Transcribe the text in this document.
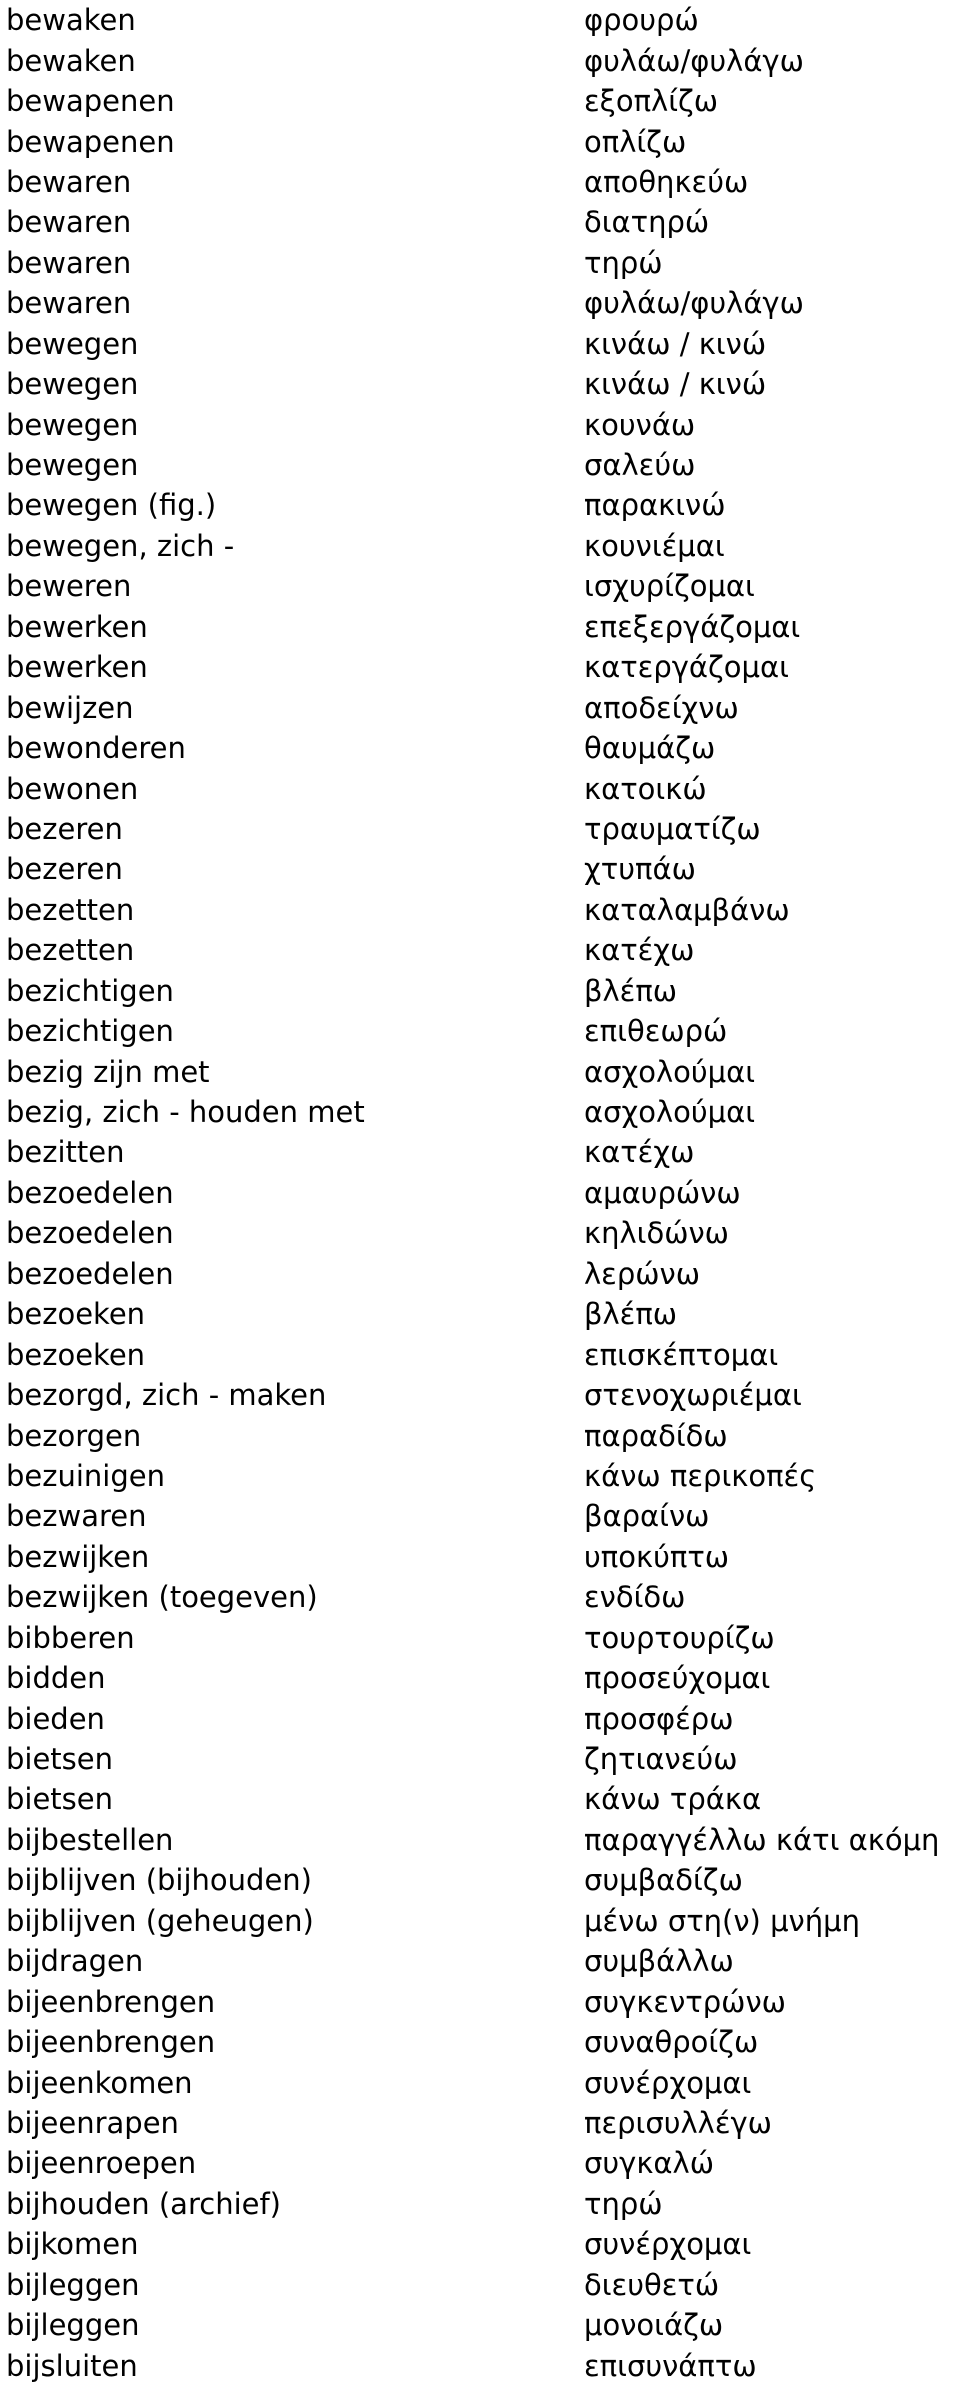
bewaken	φρουρώ
bewaken	φυλάω/φυλάγω
bewapenen	εξοπλίζω
bewapenen	οπλίζω
bewaren	αποθηκεύω
bewaren	διατηρώ
bewaren	τηρώ
bewaren	φυλάω/φυλάγω
bewegen	κινάω / κινώ
bewegen	κινάω / κινώ
bewegen	κουνάω
bewegen	σαλεύω
bewegen (fig.)	παρακινώ
bewegen, zich -	κουνιέμαι
beweren	ισχυρίζομαι
bewerken	επεξεργάζομαι
bewerken	κατεργάζομαι
bewijzen	αποδείχνω
bewonderen	θαυμάζω
bewonen	κατοικώ
bezeren	τραυματίζω
bezeren	χτυπάω
bezetten	καταλαμβάνω
bezetten	κατέχω
bezichtigen	βλέπω
bezichtigen	επιθεωρώ
bezig zijn met	ασχολούμαι
bezig, zich - houden met	ασχολούμαι
bezitten	κατέχω
bezoedelen	αμαυρώνω
bezoedelen	κηλιδώνω
bezoedelen	λερώνω
bezoeken	βλέπω
bezoeken	επισκέπτομαι
bezorgd, zich - maken	στενοχωριέμαι
bezorgen	παραδίδω
bezuinigen	κάνω περικοπές
bezwaren	βαραίνω
bezwijken	υποκύπτω
bezwijken (toegeven)	ενδίδω
bibberen	τουρτουρίζω
bidden	προσεύχομαι
bieden	προσφέρω
bietsen	ζητιανεύω
bietsen	κάνω τράκα
bijbestellen	παραγγέλλω κάτι ακόμη
bijblijven (bijhouden)	συμβαδίζω
bijblijven (geheugen)	μένω στη(ν) μνήμη
bijdragen	συμβάλλω
bijeenbrengen	συγκεντρώνω
bijeenbrengen	συναθροίζω
bijeenkomen	συνέρχομαι
bijeenrapen	περισυλλέγω
bijeenroepen	συγκαλώ
bijhouden (archief)	τηρώ
bijkomen	συνέρχομαι
bijleggen	διευθετώ
bijleggen	μονοιάζω
bijsluiten	επισυνάπτω
